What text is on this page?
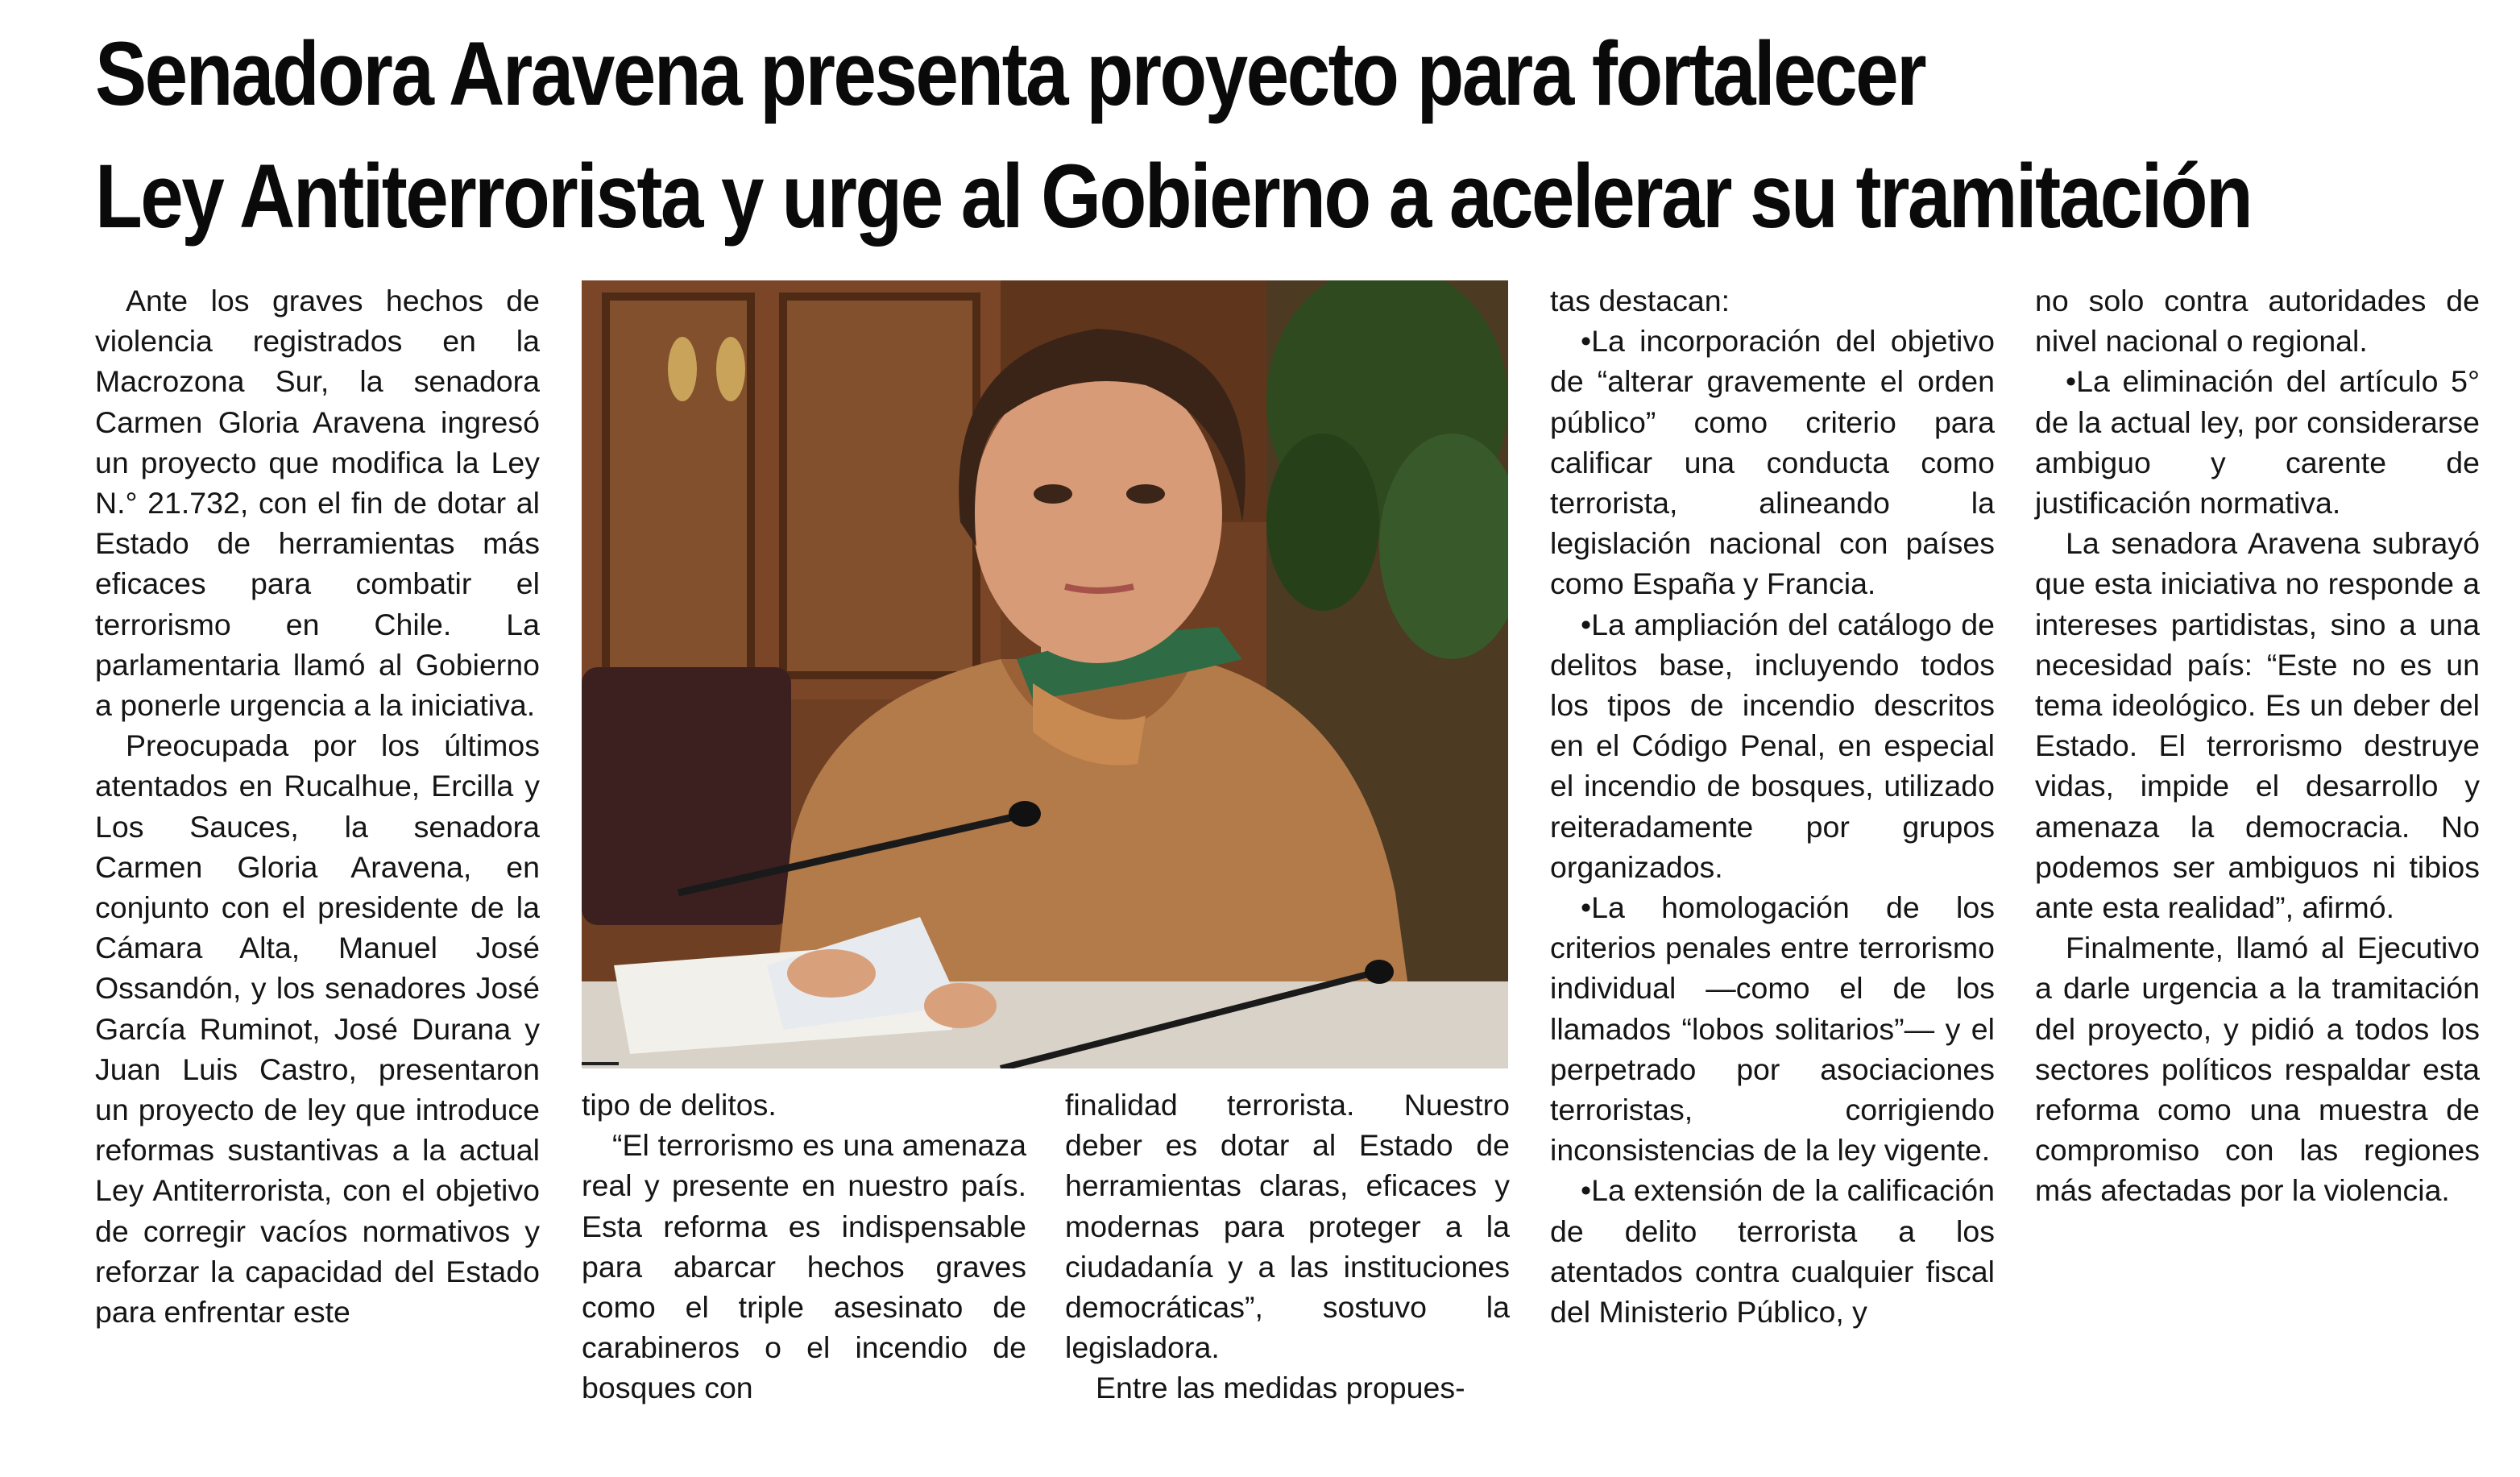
Senadora Aravena presenta proyecto para fortalecer
Ley Antiterrorista y urge al Gobierno a acelerar su tramitación

Ante los graves hechos de violencia registrados en la Macrozona Sur, la senadora Carmen Gloria Aravena ingresó un proyecto que modifica la Ley N.° 21.732, con el fin de dotar al Estado de herramientas más eficaces para combatir el terrorismo en Chile. La parlamentaria llamó al Gobierno a ponerle urgencia a la iniciativa.

Preocupada por los últimos atentados en Rucalhue, Ercilla y Los Sauces, la senadora Carmen Gloria Aravena, en conjunto con el presidente de la Cámara Alta, Manuel José Ossandón, y los senadores José García Ruminot, José Durana y Juan Luis Castro, presentaron un proyecto de ley que introduce reformas sustantivas a la actual Ley Antiterrorista, con el objetivo de corregir vacíos normativos y reforzar la capacidad del Estado para enfrentar este

tipo de delitos.

“El terrorismo es una amenaza real y presente en nuestro país. Esta reforma es indispensable para abarcar hechos graves como el triple asesinato de carabineros o el incendio de bosques con

finalidad terrorista. Nuestro deber es dotar al Estado de herramientas claras, eficaces y modernas para proteger a la ciudadanía y a las instituciones democráticas”, sostuvo la legisladora.

Entre las medidas propues-

tas destacan:

•La incorporación del objetivo de “alterar gravemente el orden público” como criterio para calificar una conducta como terrorista, alineando la legislación nacional con países como España y Francia.

•La ampliación del catálogo de delitos base, incluyendo todos los tipos de incendio descritos en el Código Penal, en especial el incendio de bosques, utilizado reiteradamente por grupos organizados.

•La homologación de los criterios penales entre terrorismo individual —como el de los llamados “lobos solitarios”— y el perpetrado por asociaciones terroristas, corrigiendo inconsistencias de la ley vigente.

•La extensión de la calificación de delito terrorista a los atentados contra cualquier fiscal del Ministerio Público, y

no solo contra autoridades de nivel nacional o regional.

•La eliminación del artículo 5° de la actual ley, por considerarse ambiguo y carente de justificación normativa.

La senadora Aravena subrayó que esta iniciativa no responde a intereses partidistas, sino a una necesidad país: “Este no es un tema ideológico. Es un deber del Estado. El terrorismo destruye vidas, impide el desarrollo y amenaza la democracia. No podemos ser ambiguos ni tibios ante esta realidad”, afirmó.

Finalmente, llamó al Ejecutivo a darle urgencia a la tramitación del proyecto, y pidió a todos los sectores políticos respaldar esta reforma como una muestra de compromiso con las regiones más afectadas por la violencia.
